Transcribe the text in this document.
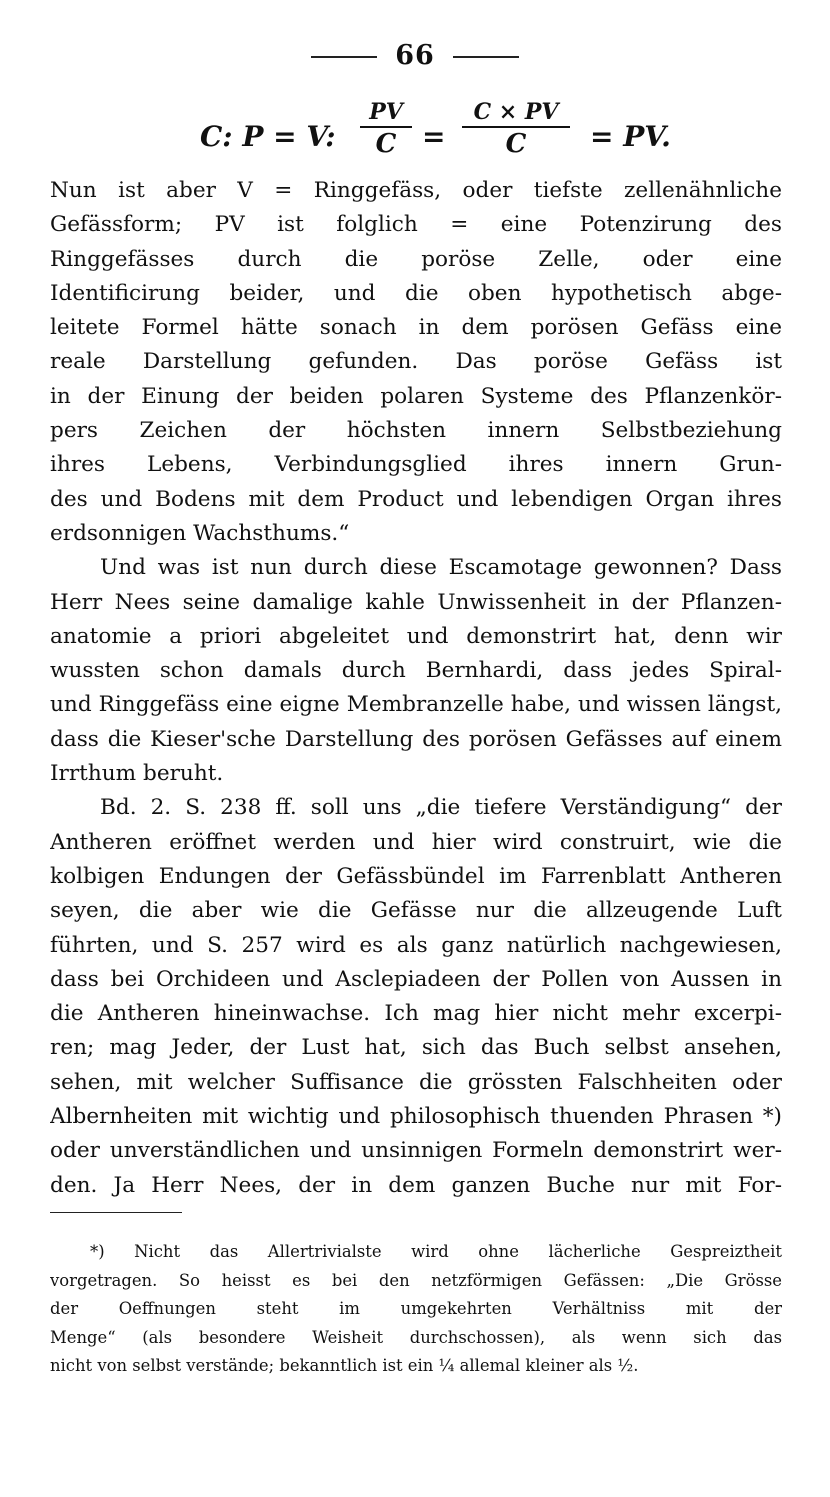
66
C: P = V:
PV
C =
C × PV
C	= PV.
Nun ist aber V = Ringgefäss, oder tiefste zellenähnliche
Gefässform; PV ist folglich = eine Potenzirung des
Ringgefässes durch die poröse Zelle, oder eine
Identificirung beider, und die oben hypothetisch abge-
leitete Formel hätte sonach in dem porösen Gefäss eine
reale Darstellung gefunden. Das poröse Gefäss ist
in der Einung der beiden polaren Systeme des Pflanzenkör-
pers Zeichen der höchsten innern Selbstbeziehung
ihres Lebens, Verbindungsglied ihres innern Grun-
des und Bodens mit dem Product und lebendigen Organ ihres
erdsonnigen Wachsthums.“
Und was ist nun durch diese Escamotage gewonnen? Dass
Herr Nees seine damalige kahle Unwissenheit in der Pflanzen-
anatomie a priori abgeleitet und demonstrirt hat, denn wir
wussten schon damals durch Bernhardi, dass jedes Spiral-
und Ringgefäss eine eigne Membranzelle habe, und wissen längst,
dass die Kieser'sche Darstellung des porösen Gefässes auf einem
Irrthum beruht.
Bd. 2. S. 238 ff. soll uns „die tiefere Verständigung“ der
Antheren eröffnet werden und hier wird construirt, wie die
kolbigen Endungen der Gefässbündel im Farrenblatt Antheren
seyen, die aber wie die Gefässe nur die allzeugende Luft
führten, und S. 257 wird es als ganz natürlich nachgewiesen,
dass bei Orchideen und Asclepiadeen der Pollen von Aussen in
die Antheren hineinwachse. Ich mag hier nicht mehr excerpi-
ren; mag Jeder, der Lust hat, sich das Buch selbst ansehen,
sehen, mit welcher Suffisance die grössten Falschheiten oder
Albernheiten mit wichtig und philosophisch thuenden Phrasen *)
oder unverständlichen und unsinnigen Formeln demonstrirt wer-
den. Ja Herr Nees, der in dem ganzen Buche nur mit For-
*) Nicht das Allertrivialste wird ohne lächerliche Gespreiztheit
vorgetragen. So heisst es bei den netzförmigen Gefässen: „Die Grösse
der Oeffnungen steht im umgekehrten Verhältniss mit der
Menge“ (als besondere Weisheit durchschossen), als wenn sich das
nicht von selbst verstände; bekanntlich ist ein ¼ allemal kleiner als ½.
